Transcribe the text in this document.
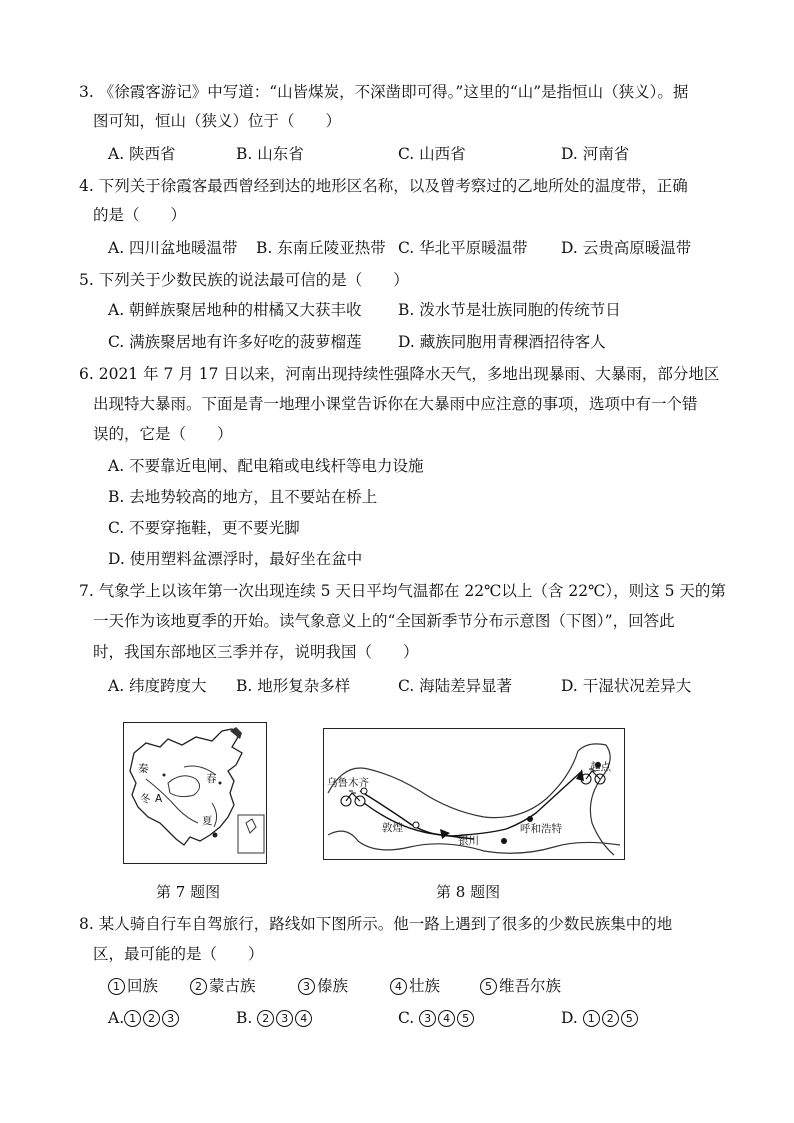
3. 《徐霞客游记》中写道：“山皆煤炭，不深凿即可得。”这里的“山”是指恒山（狭义）。据
图可知，恒山（狭义）位于（　　）
A. 陕西省	B. 山东省	C. 山西省	D. 河南省
4. 下列关于徐霞客最西曾经到达的地形区名称，以及曾考察过的乙地所处的温度带，正确
的是（　　）
A. 四川盆地暖温带 B. 东南丘陵亚热带 C. 华北平原暖温带 D. 云贵高原暖温带
5. 下列关于少数民族的说法最可信的是（　　）
A. 朝鲜族聚居地种的柑橘又大获丰收 B. 泼水节是壮族同胞的传统节日
C. 满族聚居地有许多好吃的菠萝榴莲 D. 藏族同胞用青稞酒招待客人
6. 2021 年 7 月 17 日以来，河南出现持续性强降水天气，多地出现暴雨、大暴雨，部分地区
出现特大暴雨。下面是青一地理小课堂告诉你在大暴雨中应注意的事项，选项中有一个错
误的，它是（　　）
A. 不要靠近电闸、配电箱或电线杆等电力设施
B. 去地势较高的地方，且不要站在桥上
C. 不要穿拖鞋，更不要光脚
D. 使用塑料盆漂浮时，最好坐在盆中
7. 气象学上以该年第一次出现连续 5 天日平均气温都在 22℃以上（含 22℃），则这 5 天的第
一天作为该地夏季的开始。读气象意义上的“全国新季节分布示意图（下图）”，回答此
时，我国东部地区三季并存，说明我国（　　）
A. 纬度跨度大 B. 地形复杂多样	C. 海陆差异显著	D. 干湿状况差异大
秦
冬 A
春
夏
乌鲁木齐
起点
敦煌
银川
呼和浩特
第 7 题图	第 8 题图
8. 某人骑自行车自驾旅行，路线如下图所示。他一路上遇到了很多的少数民族集中的地
区，最可能的是（　　）
1 回族	2 蒙古族	3 傣族	4 壮族	5 维吾尔族
A. 1 2 3	B. 2 3 4	C. 3 4 5	D. 1 2 5
